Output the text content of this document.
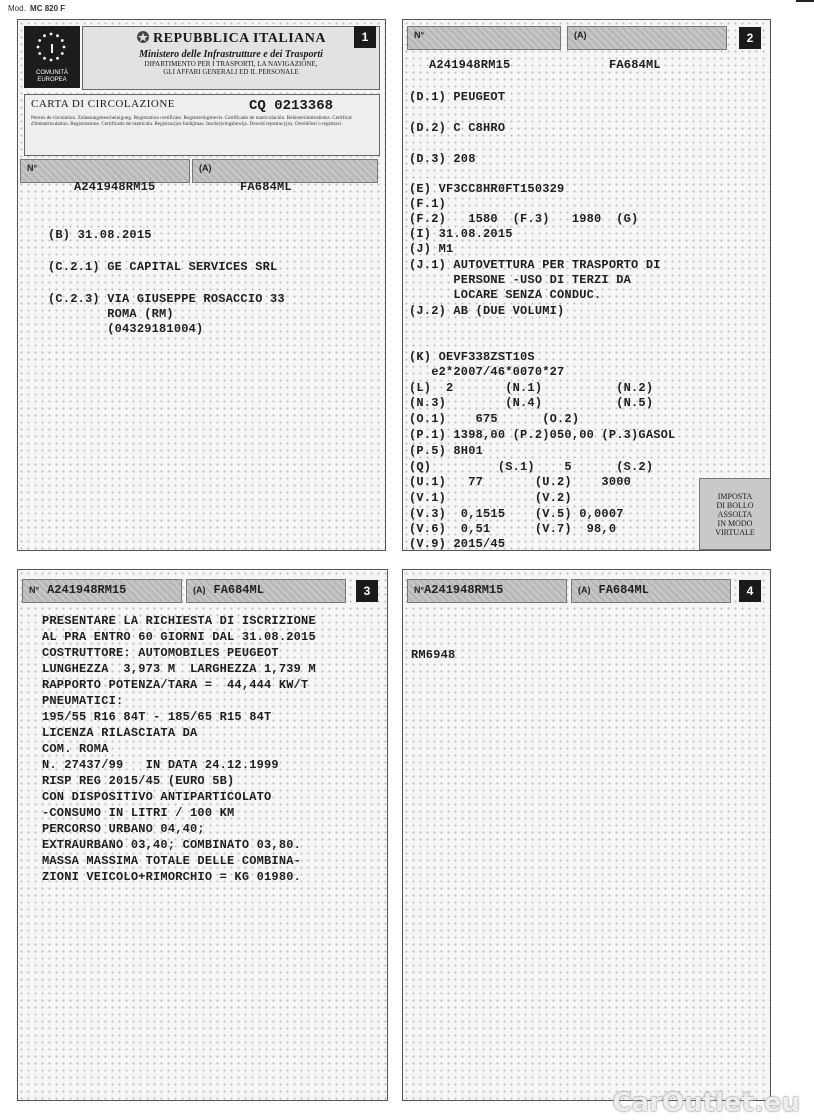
Mod. MC 820 F
I
COMUNITÀ
EUROPEA
REPUBBLICA ITALIANA
Ministero delle Infrastrutture e dei Trasporti
DIPARTIMENTO PER I TRASPORTI, LA NAVIGAZIONE,
GLI AFFARI GENERALI ED IL PERSONALE
1
CARTA DI CIRCOLAZIONE	CQ 0213368
Permis de circulation. Zulassungsbescheinigung. Registration certificate. Registreringsbevis. Certificado de matriculación. Rekisteröintitodistus. Certificat d'immatriculation. Registrazione. Certificado de matrícula. Registracijos liudijimas. Inschrijvingsbewijs. Dowód rejestracyjny. Osvědčení o registraci.
N°	(A)
A241948RM15	FA684ML
(B) 31.08.2015
(C.2.1) GE CAPITAL SERVICES SRL
(C.2.3) VIA GIUSEPPE ROSACCIO 33
ROMA (RM)
(04329181004)
N°	(A)	2
A241948RM15	FA684ML
(D.1) PEUGEOT
(D.2) C C8HRO
(D.3) 208
(E) VF3CC8HR0FT150329
(F.1)
(F.2)   1580  (F.3)   1980  (G)
(I) 31.08.2015
(J) M1
(J.1) AUTOVETTURA PER TRASPORTO DI
PERSONE -USO DI TERZI DA
LOCARE SENZA CONDUC.
(J.2) AB (DUE VOLUMI)
(K) OEVF338ZST10S
e2*2007/46*0070*27
(L)  2       (N.1)          (N.2)
(N.3)        (N.4)          (N.5)
(O.1)    675      (O.2)
(P.1) 1398,00 (P.2)050,00 (P.3)GASOL
(P.5) 8H01
(Q)         (S.1)    5      (S.2)
(U.1)   77       (U.2)    3000
(V.1)            (V.2)
(V.3)  0,1515    (V.5) 0,0007
(V.6)  0,51      (V.7)  98,0
(V.9) 2015/45
IMPOSTA
DI BOLLO
ASSOLTA
IN MODO
VIRTUALE
N° A241948RM15	(A) FA684ML	3
PRESENTARE LA RICHIESTA DI ISCRIZIONE
AL PRA ENTRO 60 GIORNI DAL 31.08.2015
COSTRUTTORE: AUTOMOBILES PEUGEOT
LUNGHEZZA  3,973 M  LARGHEZZA 1,739 M
RAPPORTO POTENZA/TARA =  44,444 KW/T
PNEUMATICI:
195/55 R16 84T - 185/65 R15 84T
LICENZA RILASCIATA DA
COM. ROMA
N. 27437/99   IN DATA 24.12.1999
RISP REG 2015/45 (EURO 5B)
CON DISPOSITIVO ANTIPARTICOLATO
-CONSUMO IN LITRI / 100 KM
PERCORSO URBANO 04,40;
EXTRAURBANO 03,40; COMBINATO 03,80.
MASSA MASSIMA TOTALE DELLE COMBINA-
ZIONI VEICOLO+RIMORCHIO = KG 01980.
N°A241948RM15	(A) FA684ML	4
RM6948
CarOutlet.eu
